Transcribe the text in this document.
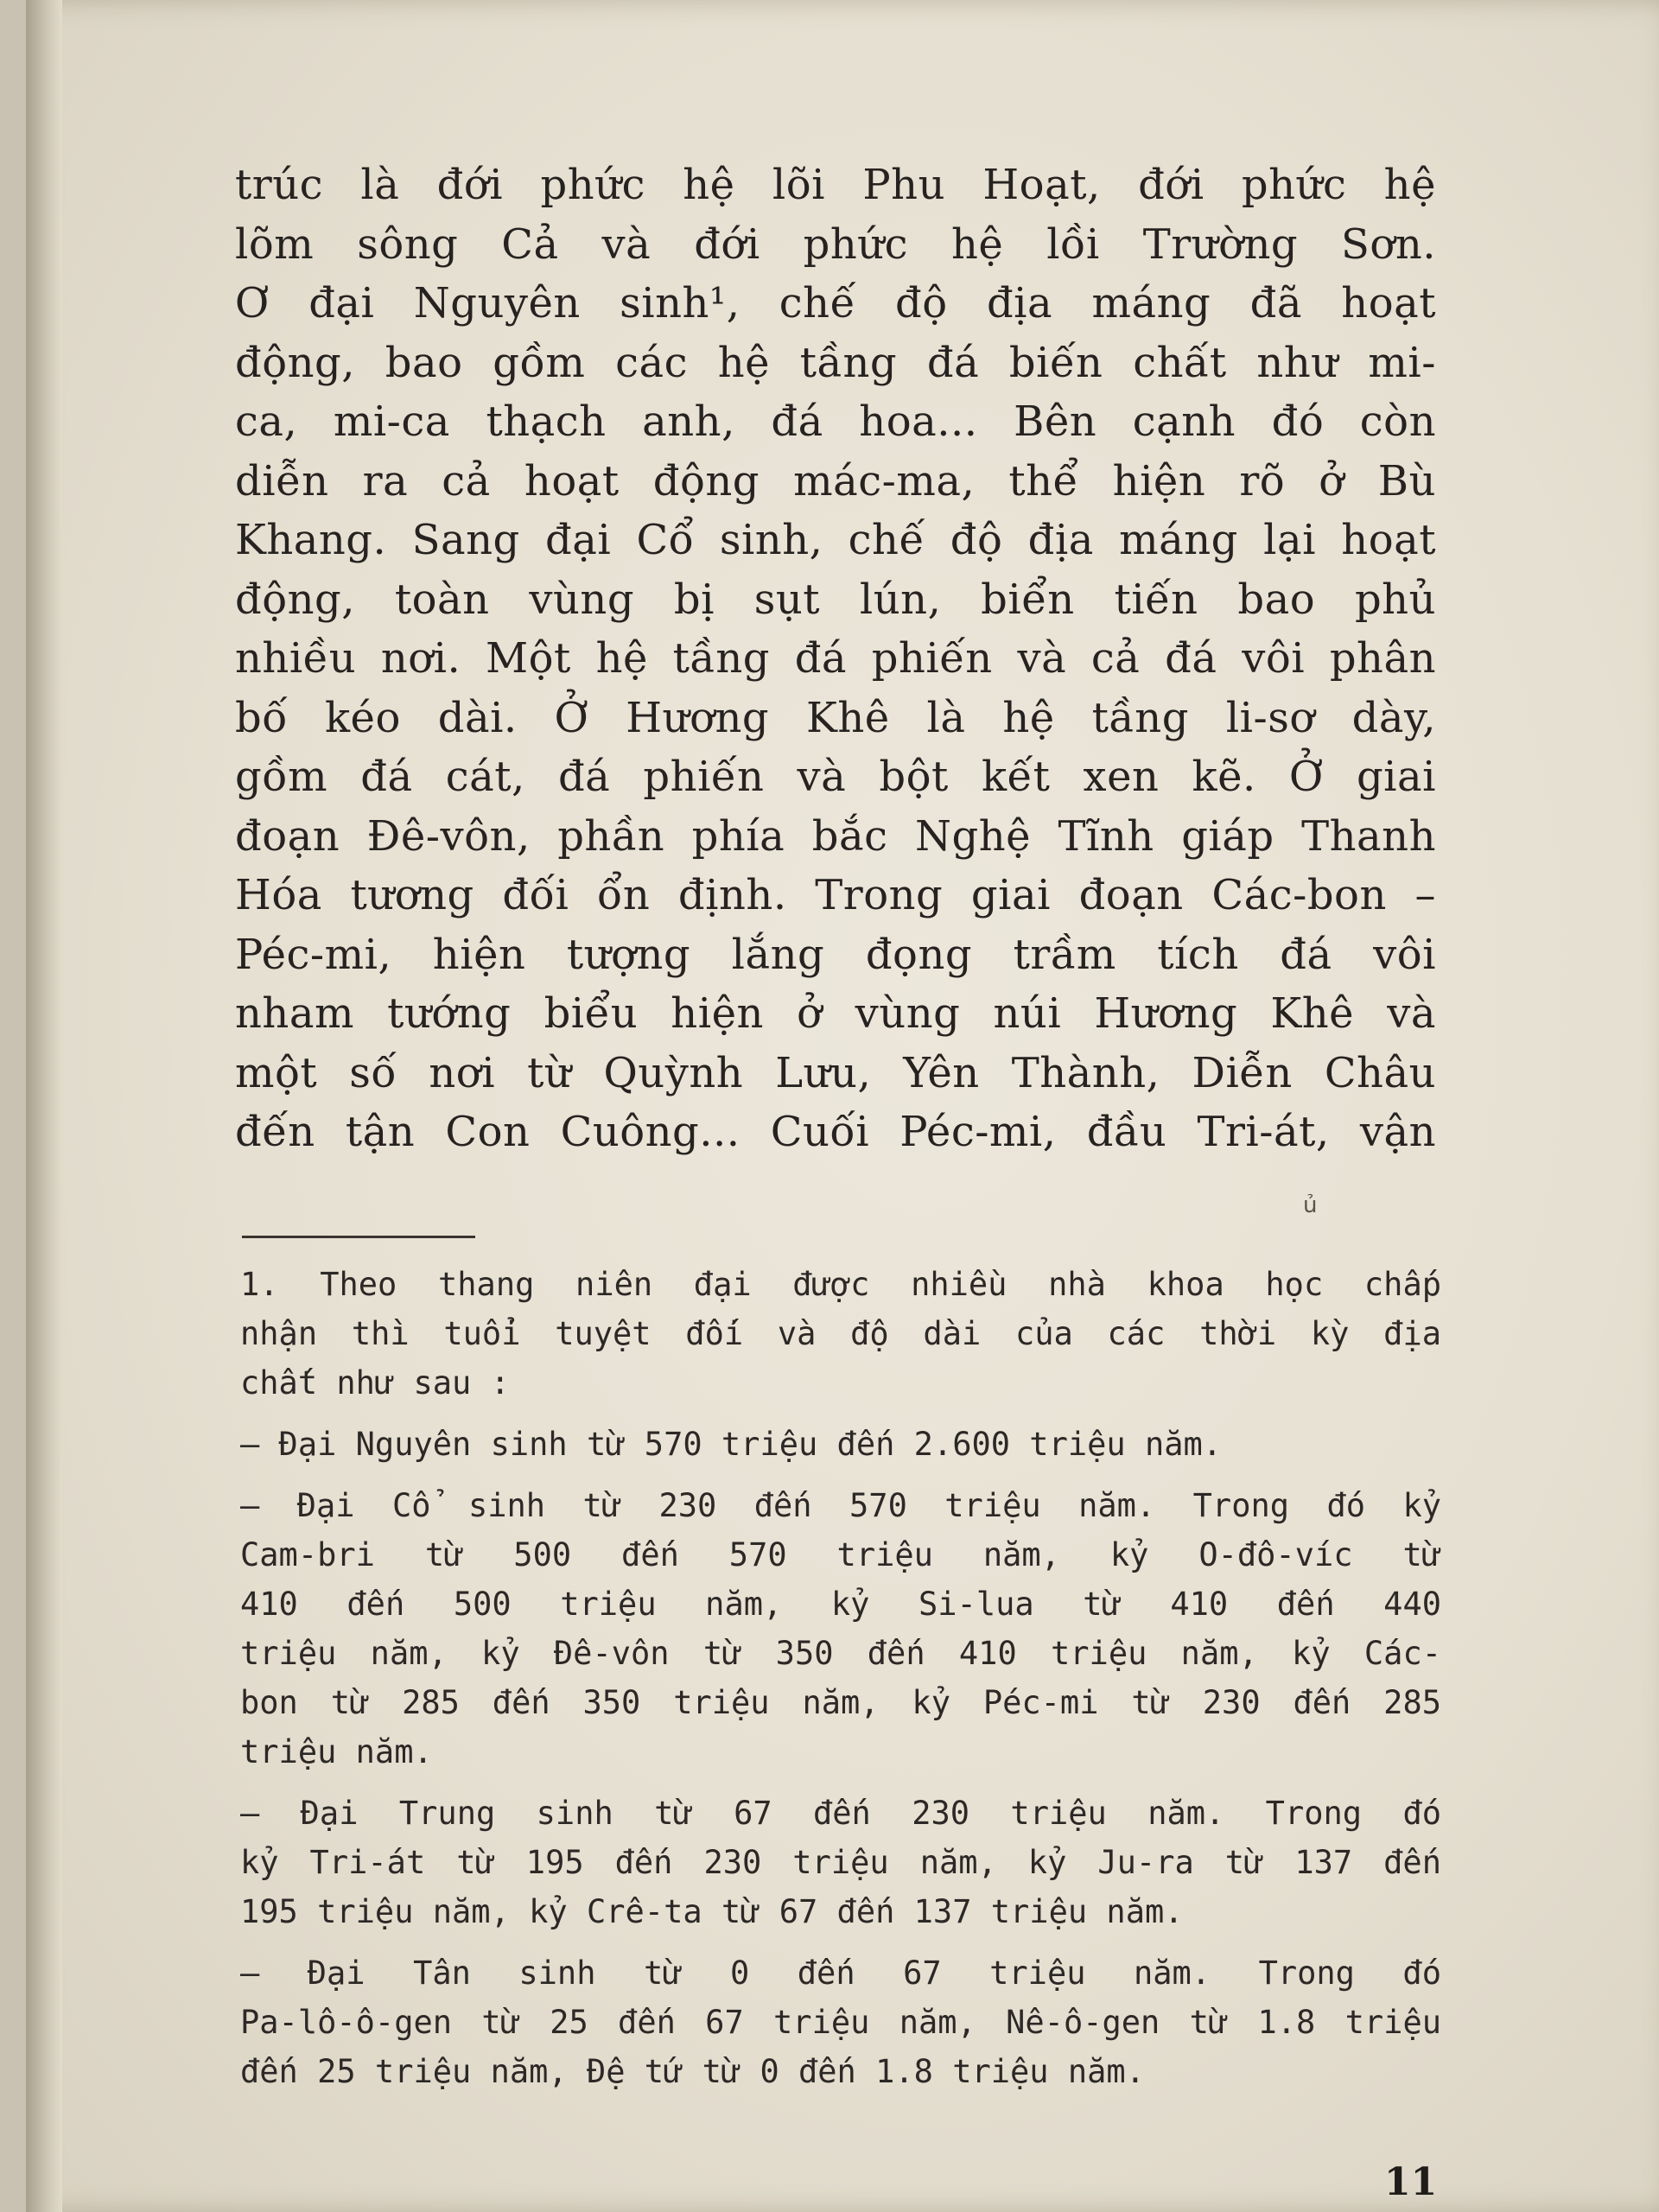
trúc là đới phức hệ lõi Phu Hoạt, đới phức hệ
lõm sông Cả và đới phức hệ lồi Trường Sơn.
Ơ đại Nguyên sinh¹, chế độ địa máng đã hoạt
động, bao gồm các hệ tầng đá biến chất như mi-
ca, mi-ca thạch anh, đá hoa... Bên cạnh đó còn
diễn ra cả hoạt động mác-ma, thể hiện rõ ở Bù
Khang. Sang đại Cổ sinh, chế độ địa máng lại hoạt
động, toàn vùng bị sụt lún, biển tiến bao phủ
nhiều nơi. Một hệ tầng đá phiến và cả đá vôi phân
bố kéo dài. Ở Hương Khê là hệ tầng li-sơ dày,
gồm đá cát, đá phiến và bột kết xen kẽ. Ở giai
đoạn Đê-vôn, phần phía bắc Nghệ Tĩnh giáp Thanh
Hóa tương đối ổn định. Trong giai đoạn Các-bon –
Péc-mi, hiện tượng lắng đọng trầm tích đá vôi
nham tướng biểu hiện ở vùng núi Hương Khê và
một số nơi từ Quỳnh Lưu, Yên Thành, Diễn Châu
đến tận Con Cuông... Cuối Péc-mi, đầu Tri-át, vận
ủ
1. Theo thang niên đại được nhiều nhà khoa học chấp
nhận thì tuổi tuyệt đối và độ dài của các thời kỳ địa
chất như sau :
— Đại Nguyên sinh từ 570 triệu đến 2.600 triệu năm.
— Đại Cổ sinh từ 230 đến 570 triệu năm. Trong đó kỷ
Cam-bri từ 500 đến 570 triệu năm, kỷ O-đô-víc từ
410 đến 500 triệu năm, kỷ Si-lua từ 410 đến 440
triệu năm, kỷ Đê-vôn từ 350 đến 410 triệu năm, kỷ Các-
bon từ 285 đến 350 triệu năm, kỷ Péc-mi từ 230 đến 285
triệu năm.
— Đại Trung sinh từ 67 đến 230 triệu năm. Trong đó
kỷ Tri-át từ 195 đến 230 triệu năm, kỷ Ju-ra từ 137 đến
195 triệu năm, kỷ Crê-ta từ 67 đến 137 triệu năm.
— Đại Tân sinh từ 0 đến 67 triệu năm. Trong đó
Pa-lô-ô-gen từ 25 đến 67 triệu năm, Nê-ô-gen từ 1.8 triệu
đến 25 triệu năm, Đệ tứ từ 0 đến 1.8 triệu năm.
11
